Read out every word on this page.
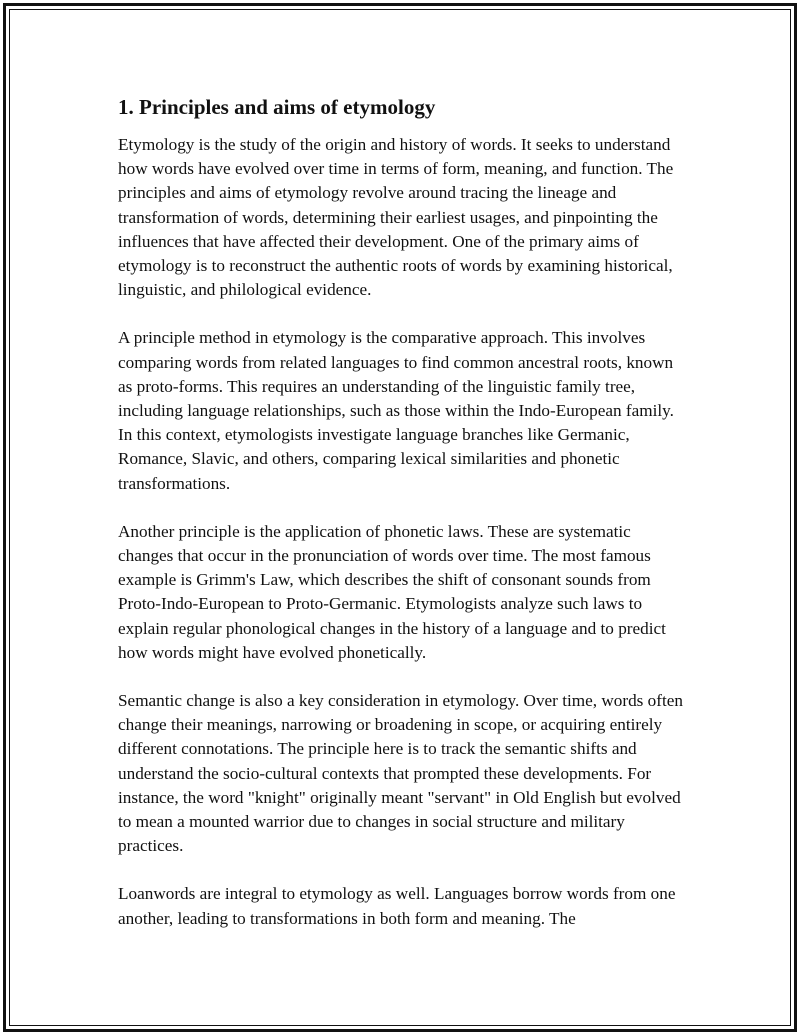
1. Principles and aims of etymology

Etymology is the study of the origin and history of words. It seeks to understand how words have evolved over time in terms of form, meaning, and function. The principles and aims of etymology revolve around tracing the lineage and transformation of words, determining their earliest usages, and pinpointing the influences that have affected their development. One of the primary aims of etymology is to reconstruct the authentic roots of words by examining historical, linguistic, and philological evidence.

A principle method in etymology is the comparative approach. This involves comparing words from related languages to find common ancestral roots, known as proto-forms. This requires an understanding of the linguistic family tree, including language relationships, such as those within the Indo-European family. In this context, etymologists investigate language branches like Germanic, Romance, Slavic, and others, comparing lexical similarities and phonetic transformations.

Another principle is the application of phonetic laws. These are systematic changes that occur in the pronunciation of words over time. The most famous example is Grimm's Law, which describes the shift of consonant sounds from Proto-Indo-European to Proto-Germanic. Etymologists analyze such laws to explain regular phonological changes in the history of a language and to predict how words might have evolved phonetically.

Semantic change is also a key consideration in etymology. Over time, words often change their meanings, narrowing or broadening in scope, or acquiring entirely different connotations. The principle here is to track the semantic shifts and understand the socio-cultural contexts that prompted these developments. For instance, the word "knight" originally meant "servant" in Old English but evolved to mean a mounted warrior due to changes in social structure and military practices.

Loanwords are integral to etymology as well. Languages borrow words from one another, leading to transformations in both form and meaning. The
